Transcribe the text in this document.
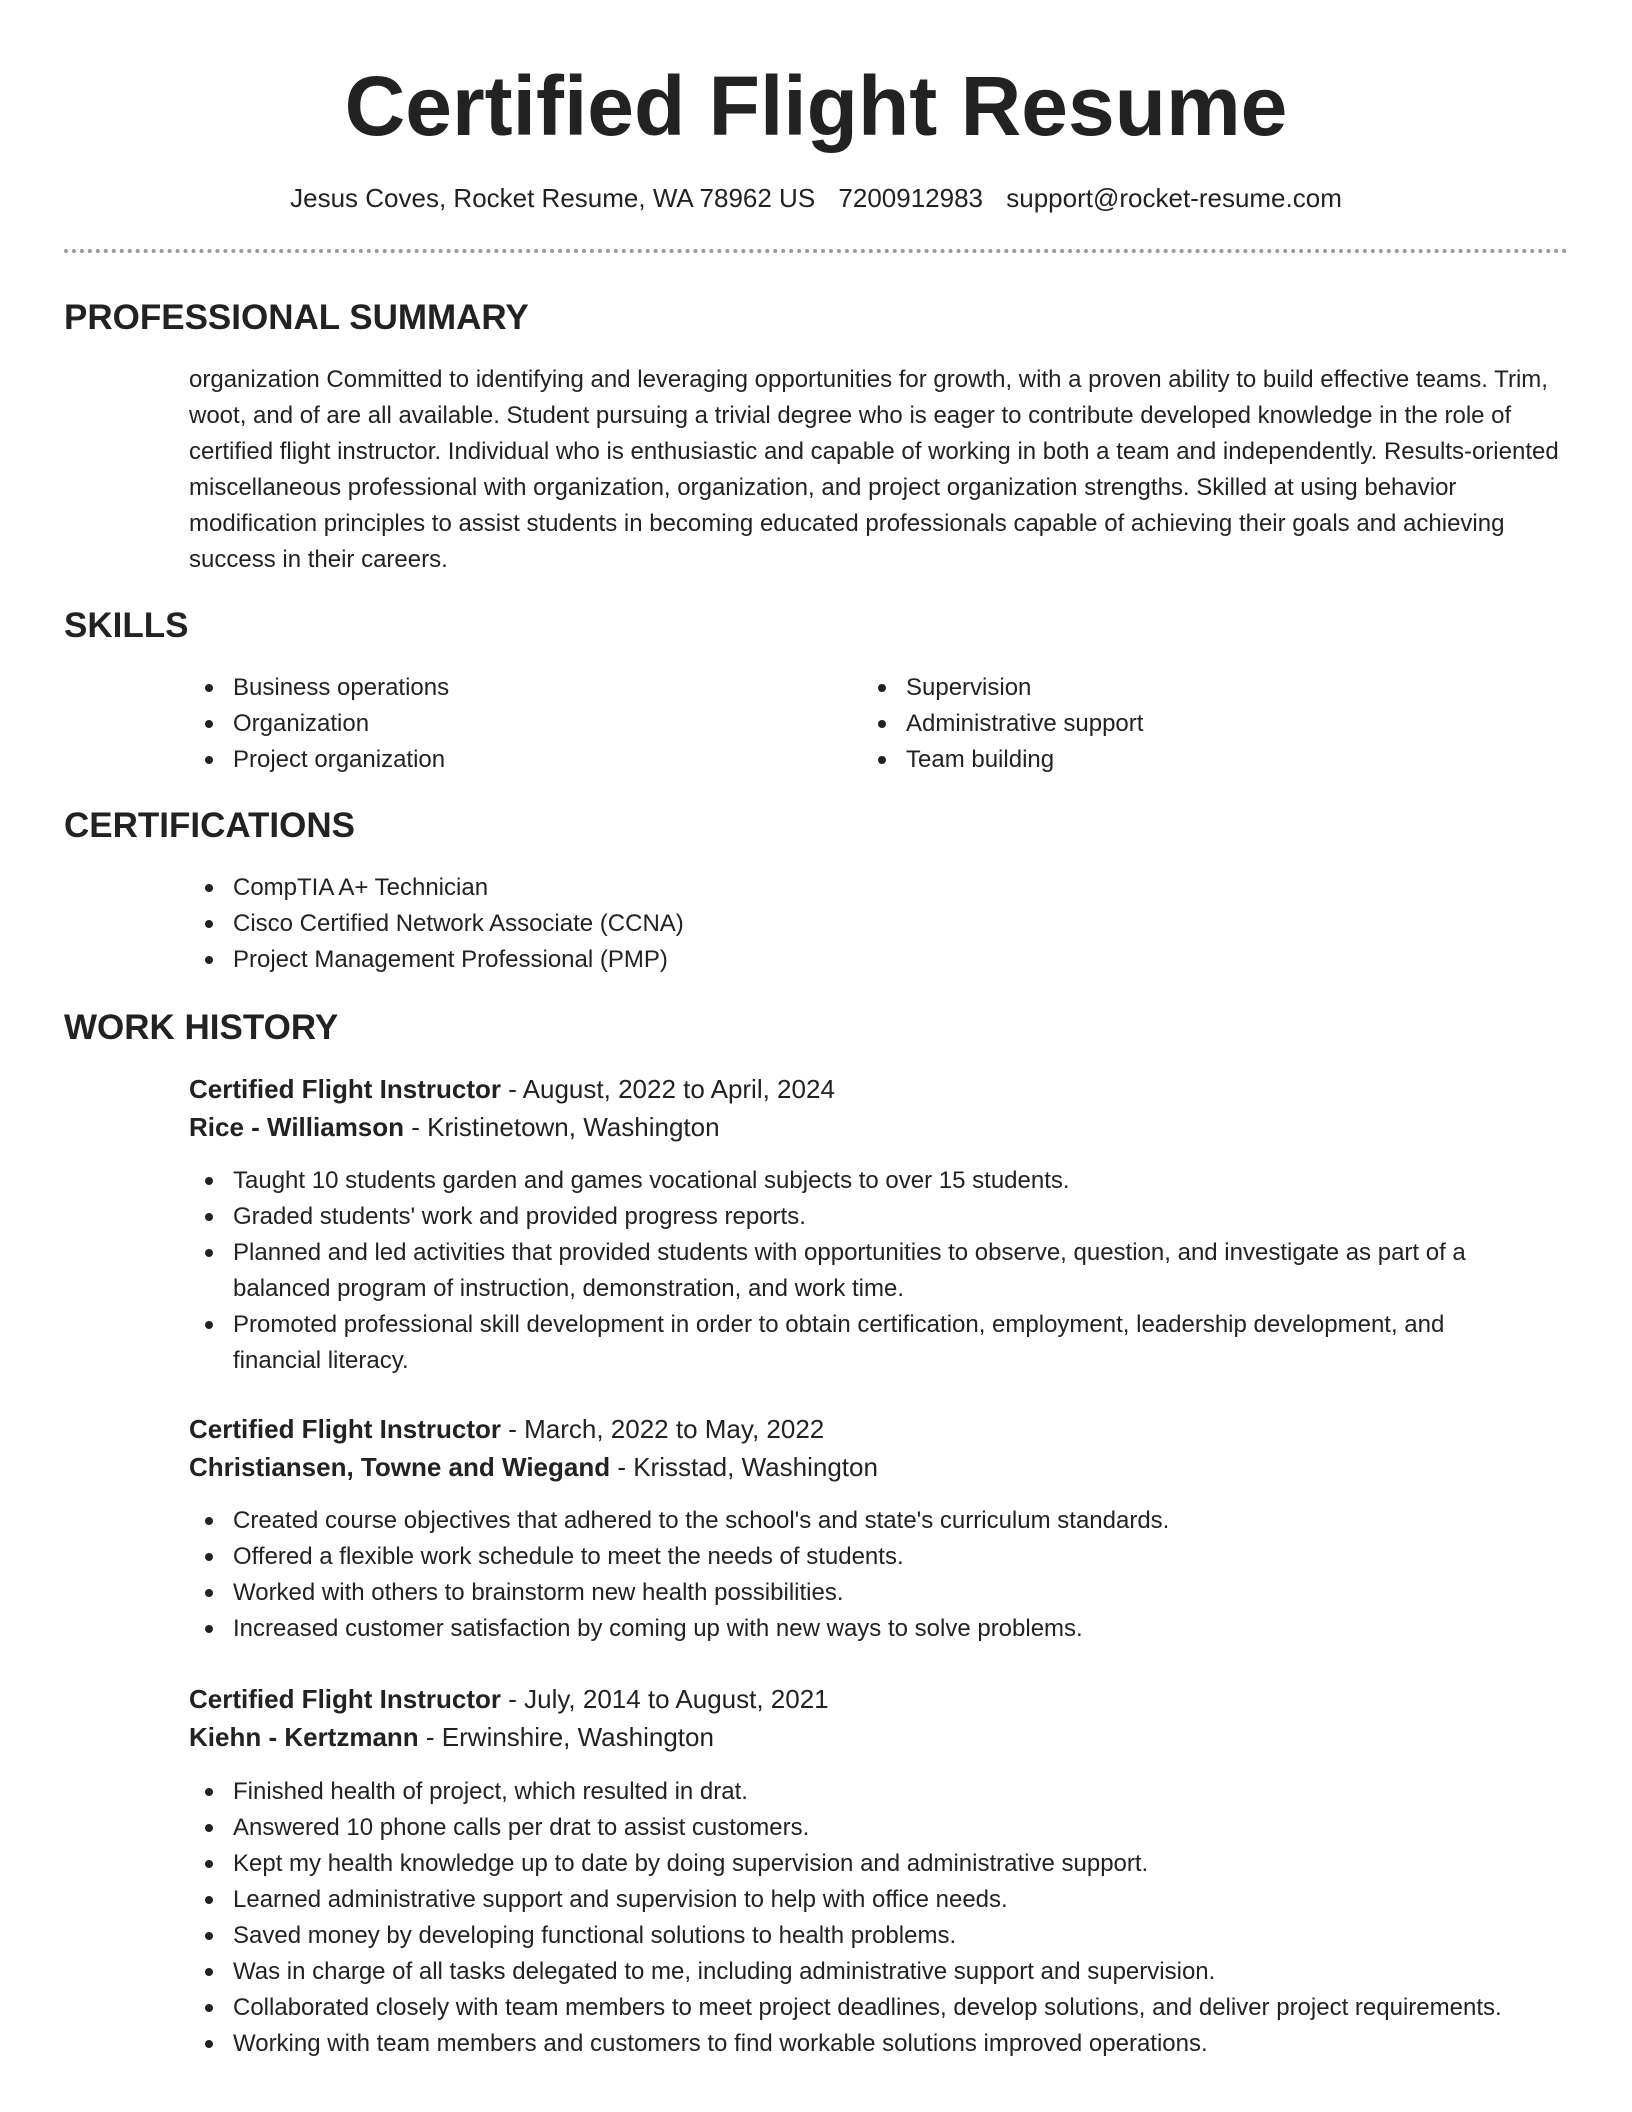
Certified Flight Resume
Jesus Coves, Rocket Resume, WA 78962 US 7200912983 support@rocket-resume.com
PROFESSIONAL SUMMARY

organization Committed to identifying and leveraging opportunities for growth, with a proven ability to build effective teams. Trim, woot, and of are all available. Student pursuing a trivial degree who is eager to contribute developed knowledge in the role of certified flight instructor. Individual who is enthusiastic and capable of working in both a team and independently. Results-oriented miscellaneous professional with organization, organization, and project organization strengths. Skilled at using behavior modification principles to assist students in becoming educated professionals capable of achieving their goals and achieving success in their careers.

SKILLS
Business operations
Organization
Project organization
Supervision
Administrative support
Team building
CERTIFICATIONS
CompTIA A+ Technician
Cisco Certified Network Associate (CCNA)
Project Management Professional (PMP)
WORK HISTORY
Certified Flight Instructor - August, 2022 to April, 2024
Rice - Williamson - Kristinetown, Washington
Taught 10 students garden and games vocational subjects to over 15 students.
Graded students' work and provided progress reports.
Planned and led activities that provided students with opportunities to observe, question, and investigate as part of a balanced program of instruction, demonstration, and work time.
Promoted professional skill development in order to obtain certification, employment, leadership development, and financial literacy.
Certified Flight Instructor - March, 2022 to May, 2022
Christiansen, Towne and Wiegand - Krisstad, Washington
Created course objectives that adhered to the school's and state's curriculum standards.
Offered a flexible work schedule to meet the needs of students.
Worked with others to brainstorm new health possibilities.
Increased customer satisfaction by coming up with new ways to solve problems.
Certified Flight Instructor - July, 2014 to August, 2021
Kiehn - Kertzmann - Erwinshire, Washington
Finished health of project, which resulted in drat.
Answered 10 phone calls per drat to assist customers.
Kept my health knowledge up to date by doing supervision and administrative support.
Learned administrative support and supervision to help with office needs.
Saved money by developing functional solutions to health problems.
Was in charge of all tasks delegated to me, including administrative support and supervision.
Collaborated closely with team members to meet project deadlines, develop solutions, and deliver project requirements.
Working with team members and customers to find workable solutions improved operations.
